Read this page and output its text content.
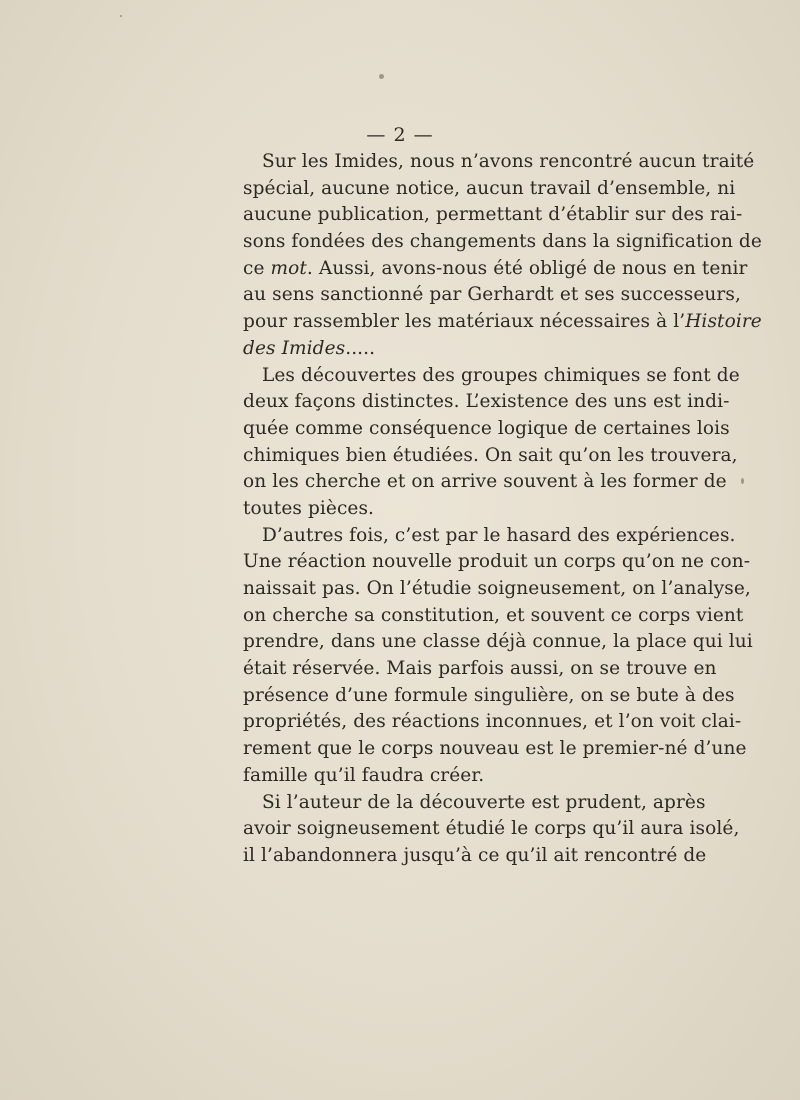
— 2 —
Sur les Imides, nous n’avons rencontré aucun traité
spécial, aucune notice, aucun travail d’ensemble, ni
aucune publication, permettant d’établir sur des rai-
sons fondées des changements dans la signification de
ce mot. Aussi, avons-nous été obligé de nous en tenir
au sens sanctionné par Gerhardt et ses successeurs,
pour rassembler les matériaux nécessaires à l’Histoire
des Imides.....
Les découvertes des groupes chimiques se font de
deux façons distinctes. L’existence des uns est indi-
quée comme conséquence logique de certaines lois
chimiques bien étudiées. On sait qu’on les trouvera,
on les cherche et on arrive souvent à les former de
toutes pièces.
D’autres fois, c’est par le hasard des expériences.
Une réaction nouvelle produit un corps qu’on ne con-
naissait pas. On l’étudie soigneusement, on l’analyse,
on cherche sa constitution, et souvent ce corps vient
prendre, dans une classe déjà connue, la place qui lui
était réservée. Mais parfois aussi, on se trouve en
présence d’une formule singulière, on se bute à des
propriétés, des réactions inconnues, et l’on voit clai-
rement que le corps nouveau est le premier-né d’une
famille qu’il faudra créer.
Si l’auteur de la découverte est prudent, après
avoir soigneusement étudié le corps qu’il aura isolé,
il l’abandonnera jusqu’à ce qu’il ait rencontré de
